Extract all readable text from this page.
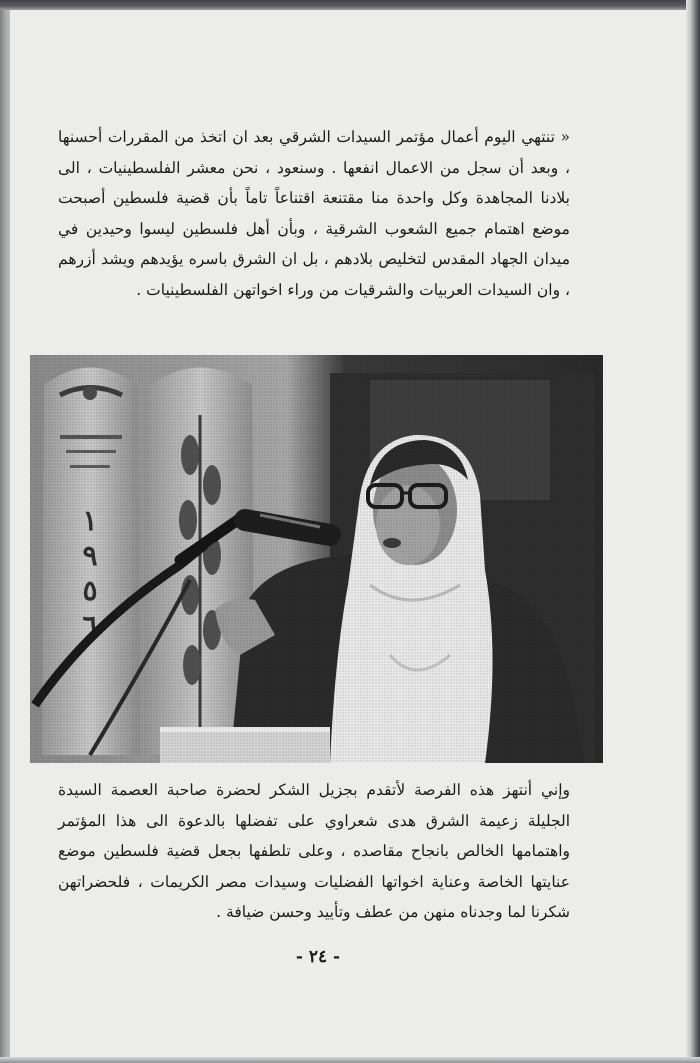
« تنتهي اليوم أعمال مؤتمر السيدات الشرقي بعد ان اتخذ من المقررات أحسنها ، وبعد أن سجل من الاعمال انفعها . وسنعود ، نحن معشر الفلسطينيات ، الى بلادنا المجاهدة وكل واحدة منا مقتنعة اقتناعاً تاماً بأن قضية فلسطين أصبحت موضع اهتمام جميع الشعوب الشرقية ، وبأن أهل فلسطين ليسوا وحيدين في ميدان الجهاد المقدس لتخليص بلادهم ، بل ان الشرق باسره يؤيدهم ويشد أزرهم ، وان السيدات العربيات والشرقيات من وراء اخواتهن الفلسطينيات .

وإني أنتهز هذه الفرصة لأتقدم بجزيل الشكر لحضرة صاحبة العصمة السيدة الجليلة زعيمة الشرق هدى شعراوي على تفضلها بالدعوة الى هذا المؤتمر واهتمامها الخالص بانجاح مقاصده ، وعلى تلطفها بجعل قضية فلسطين موضع عنايتها الخاصة وعناية اخواتها الفضليات وسيدات مصر الكريمات ، فلحضراتهن شكرنا لما وجدناه منهن من عطف وتأييد وحسن ضيافة .

- ٢٤ -
